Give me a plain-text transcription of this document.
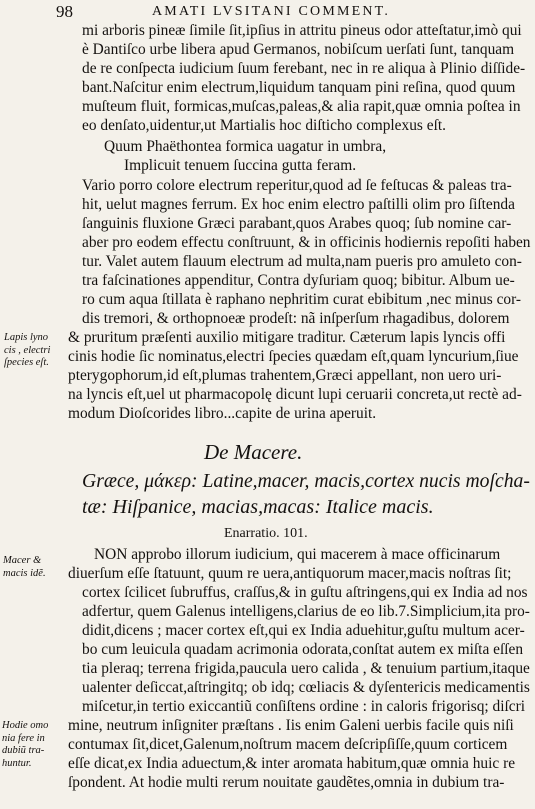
98	AMATI LVSITANI COMMENT.
mi arboris pineæ ſimile ſit,ipſius in attritu pineus odor atteſtatur,imò qui
è Dantiſco urbe libera apud Germanos, nobiſcum uerſati ſunt, tanquam
de re conſpecta iudicium ſuum ferebant, nec in re aliqua à Plinio diſſide-
bant.Naſcitur enim electrum,liquidum tanquam pini reſina, quod quum
muſteum fluit, formicas,muſcas,paleas,& alia rapit,quæ omnia poſtea in
eo denſato,uidentur,ut Martialis hoc diſticho complexus eſt.
Quum Phaëthontea formica uagatur in umbra,
Implicuit tenuem ſuccina gutta feram.
Vario porro colore electrum reperitur,quod ad ſe feſtucas & paleas tra-
hit, uelut magnes ferrum. Ex hoc enim electro paſtilli olim pro ſiſtenda
ſanguinis fluxione Græci parabant,quos Arabes quoq; ſub nomine car-
aber pro eodem effectu conſtruunt, & in officinis hodiernis repoſiti haben
tur. Valet autem flauum electrum ad multa,nam pueris pro amuleto con-
tra faſcinationes appenditur, Contra dyſuriam quoq; bibitur. Album ue-
ro cum aqua ſtillata è raphano nephritim curat ebibitum ,nec minus cor-
dis tremori, & orthopnoeæ prodeſt: nã inſperſum rhagadibus, dolorem
& pruritum præſenti auxilio mitigare traditur. Cæterum lapis lyncis offi
cinis hodie ſic nominatus,electri ſpecies quædam eſt,quam lyncurium,ſiue
pterygophorum,id eſt,plumas trahentem,Græci appellant, non uero uri-
na lyncis eſt,uel ut pharmacopolę dicunt lupi ceruarii concreta,ut rectè ad-
modum Dioſcorides libro...capite de urina aperuit.
De Macere.
Græce, μάκερ: Latine,macer, macis,cortex nucis moſcha-
tæ: Hiſpanice, macias,macas: Italice macis.
Enarratio. 101.
NON approbo illorum iudicium, qui macerem à mace officinarum
diuerſum eſſe ſtatuunt, quum re uera,antiquorum macer,macis noſtras ſit;
cortex ſcilicet ſubruffus, craſſus,& in guſtu aſtringens,qui ex India ad nos
adfertur, quem Galenus intelligens,clarius de eo lib.7.Simplicium,ita pro-
didit,dicens ; macer cortex eſt,qui ex India aduehitur,guſtu multum acer-
bo cum leuicula quadam acrimonia odorata,conſtat autem ex miſta eſſen
tia pleraq; terrena frigida,paucula uero calida , & tenuium partium,itaque
ualenter deſiccat,aſtringitq; ob idq; cœliacis & dyſentericis medicamentis
miſcetur,in tertio exiccantiũ conſiſtens ordine : in caloris frigorisq; diſcri
mine, neutrum inſigniter præſtans . Iis enim Galeni uerbis facile quis niſi
contumax ſit,dicet,Galenum,noſtrum macem deſcripſiſſe,quum corticem
eſſe dicat,ex India aduectum,& inter aromata habitum,quæ omnia huic re
ſpondent. At hodie multi rerum nouitate gaudẽtes,omnia in dubium tra-
Lapis lyno
cis , electri
ſpecies eſt.
Macer &
macis idẽ.
Hodie omo
nia fere in
dubiũ tra-
huntur.
